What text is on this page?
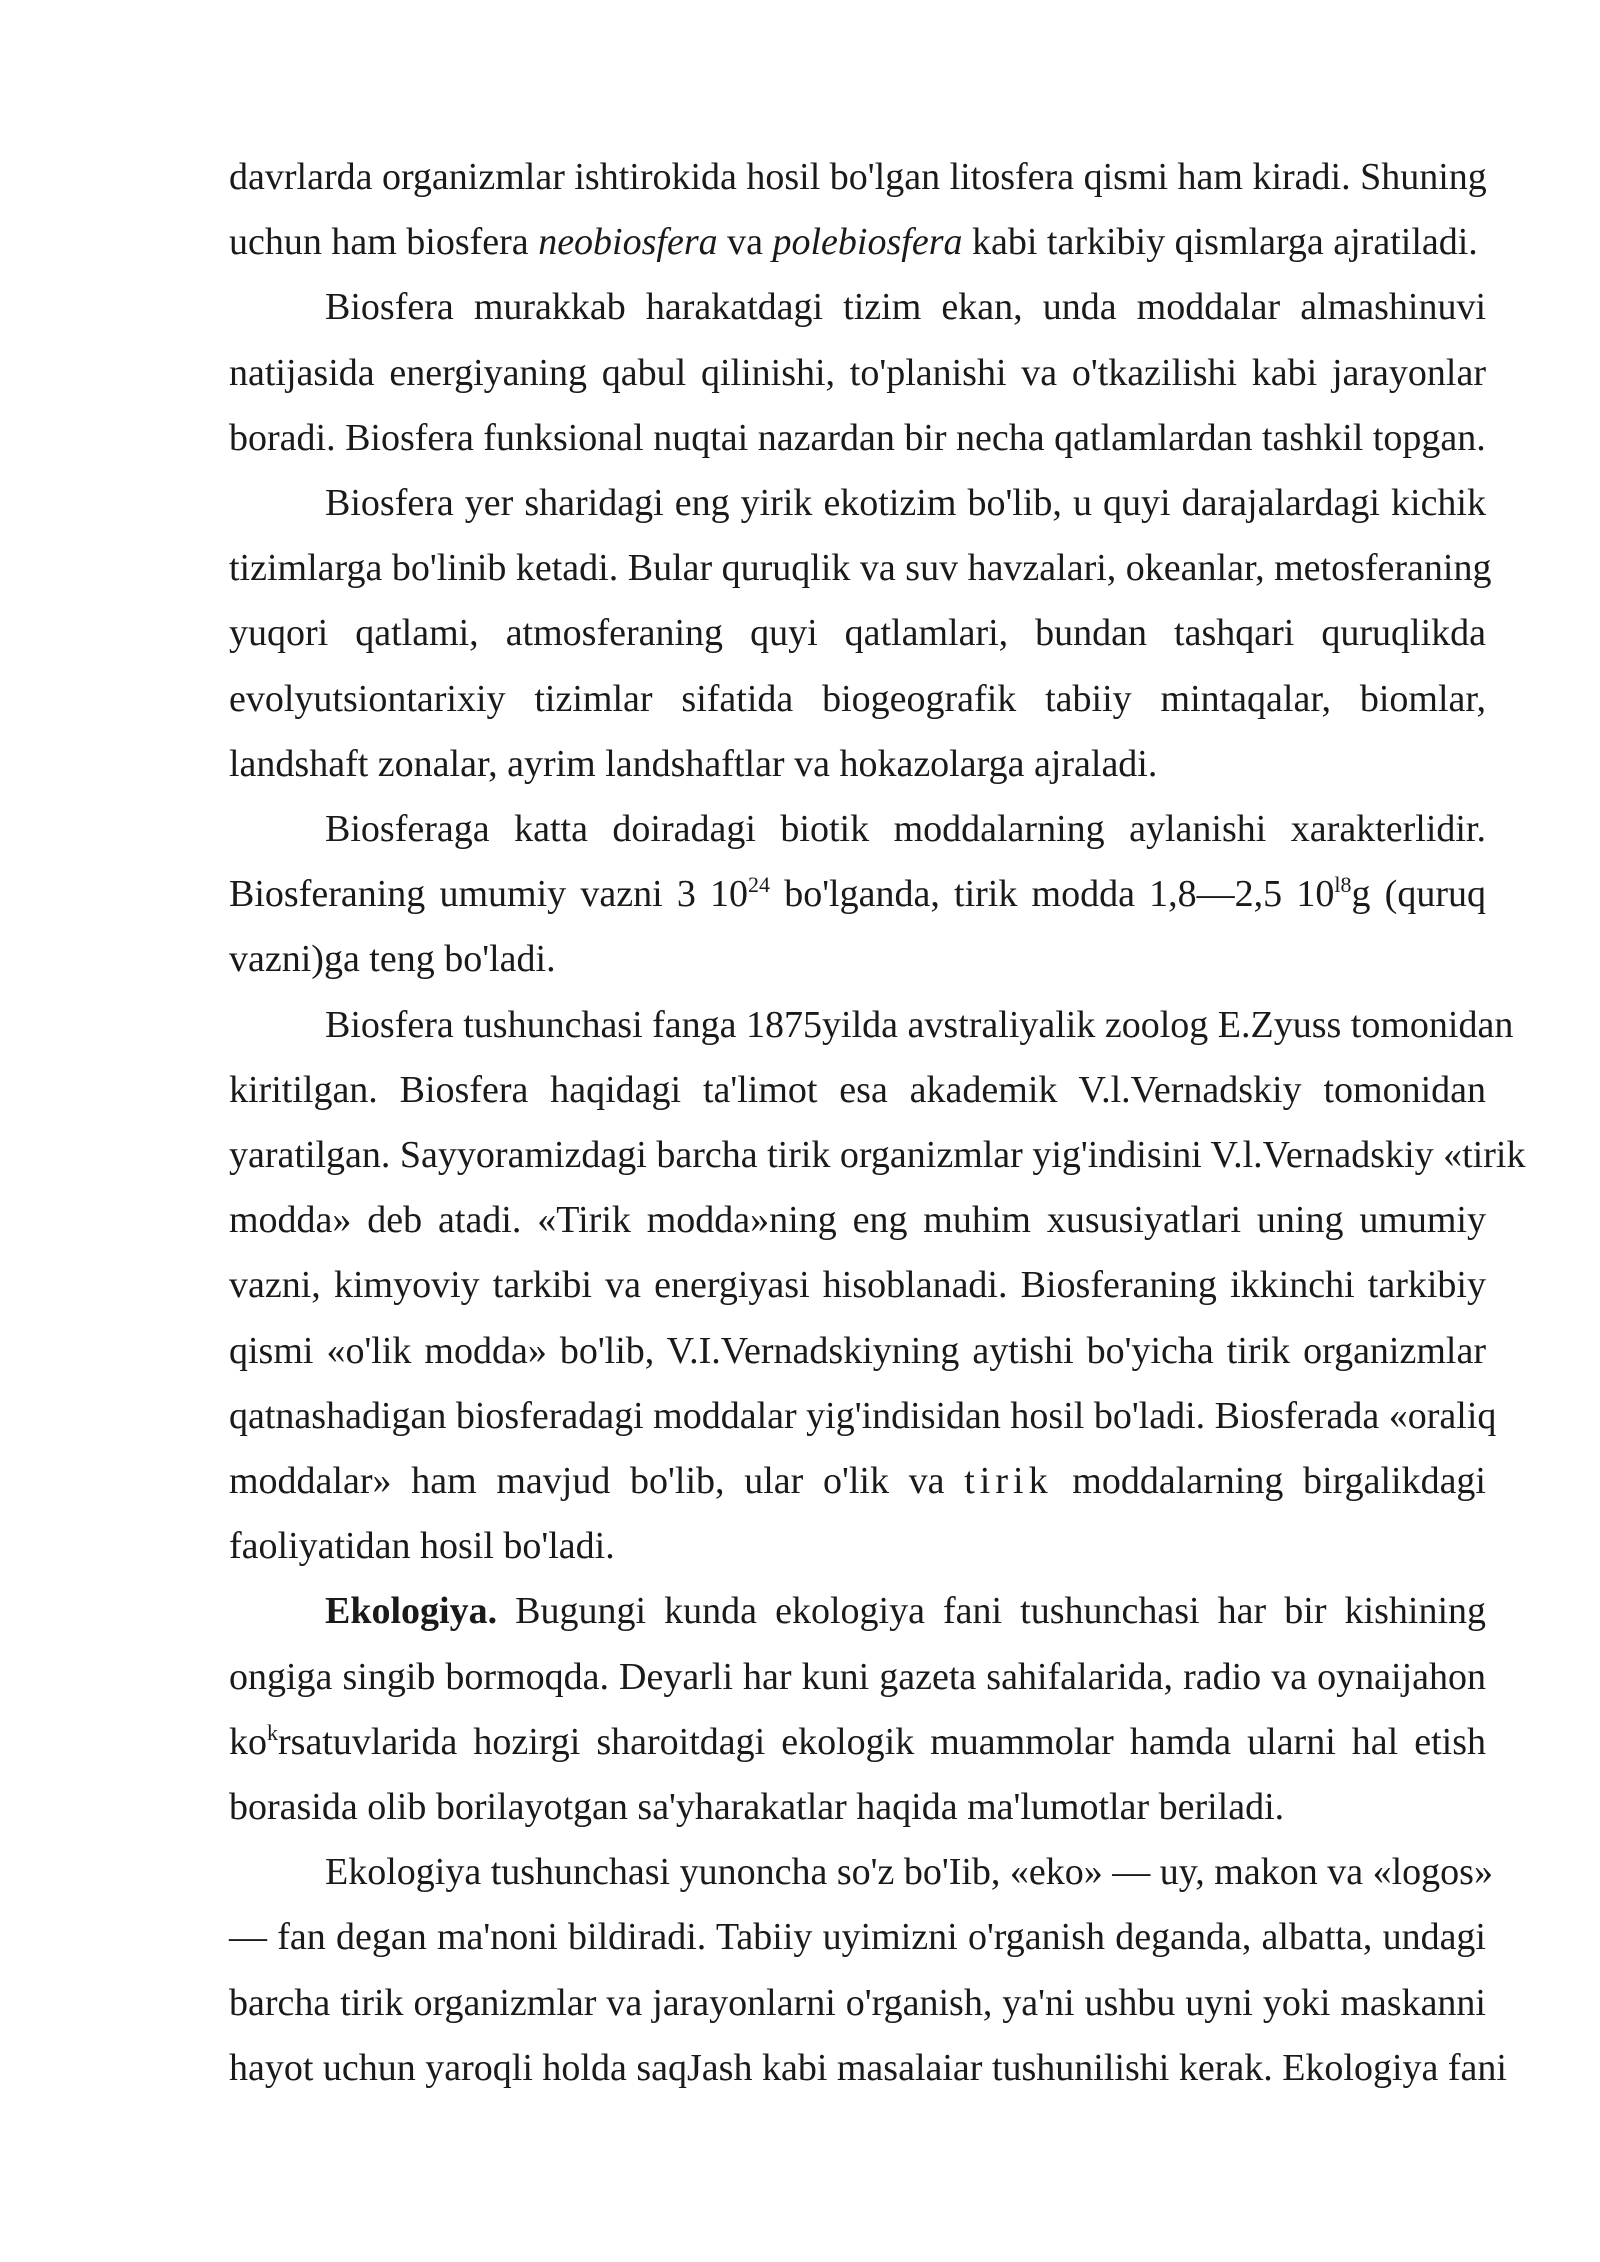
davrlarda organizmlar ishtirokida hosil bo'lgan litosfera qismi ham kiradi. Shuning
uchun ham biosfera neobiosfera va polebiosfera kabi tarkibiy qismlarga ajratiladi.

Biosfera murakkab harakatdagi tizim ekan, unda moddalar almashinuvi
natijasida energiyaning qabul qilinishi, to'planishi va o'tkazilishi kabi jarayonlar
boradi. Biosfera funksional nuqtai nazardan bir necha qatlamlardan tashkil topgan.

Biosfera yer sharidagi eng yirik ekotizim bo'lib, u quyi darajalardagi kichik
tizimlarga bo'linib ketadi. Bular quruqlik va suv havzalari, okeanlar, metosferaning
yuqori qatlami, atmosferaning quyi qatlamlari, bundan tashqari quruqlikda
evolyutsiontarixiy tizimlar sifatida biogeografik tabiiy mintaqalar, biomlar,
landshaft zonalar, ayrim landshaftlar va hokazolarga ajraladi.

Biosferaga katta doiradagi biotik moddalarning aylanishi xarakterlidir.
Biosferaning umumiy vazni 3 $10^{24}$ bo'lganda, tirik modda 1,8—2,5 $10^{l8}g$ (quruq
vazni)ga teng bo'ladi.

Biosfera tushunchasi fanga 1875yilda avstraliyalik zoolog E.Zyuss tomonidan
kiritilgan. Biosfera haqidagi ta'limot esa akademik V.l.Vernadskiy tomonidan
yaratilgan. Sayyoramizdagi barcha tirik organizmlar yig'indisini V.l.Vernadskiy «tirik
modda» deb atadi. «Tirik modda»ning eng muhim xususiyatlari uning umumiy
vazni, kimyoviy tarkibi va energiyasi hisoblanadi. Biosferaning ikkinchi tarkibiy
qismi «o'lik modda» bo'lib, V.I.Vernadskiyning aytishi bo'yicha tirik organizmlar
qatnashadigan biosferadagi moddalar yig'indisidan hosil bo'ladi. Biosferada «oraliq
moddalar» ham mavjud bo'lib, ular o'lik va tirik moddalarning birgalikdagi
faoliyatidan hosil bo'ladi.

Ekologiya. Bugungi kunda ekologiya fani tushunchasi har bir kishining
ongiga singib bormoqda. Deyarli har kuni gazeta sahifalarida, radio va oynaijahon
$ko^krsatuvlarida$ hozirgi sharoitdagi ekologik muammolar hamda ularni hal etish
borasida olib borilayotgan sa'yharakatlar haqida ma'lumotlar beriladi.

Ekologiya tushunchasi yunoncha so'z bo'Iib, «eko» — uy, makon va «logos»
— fan degan ma'noni bildiradi. Tabiiy uyimizni o'rganish deganda, albatta, undagi
barcha tirik organizmlar va jarayonlarni o'rganish, ya'ni ushbu uyni yoki maskanni
hayot uchun yaroqli holda saqJash kabi masalaiar tushunilishi kerak. Ekologiya fani
